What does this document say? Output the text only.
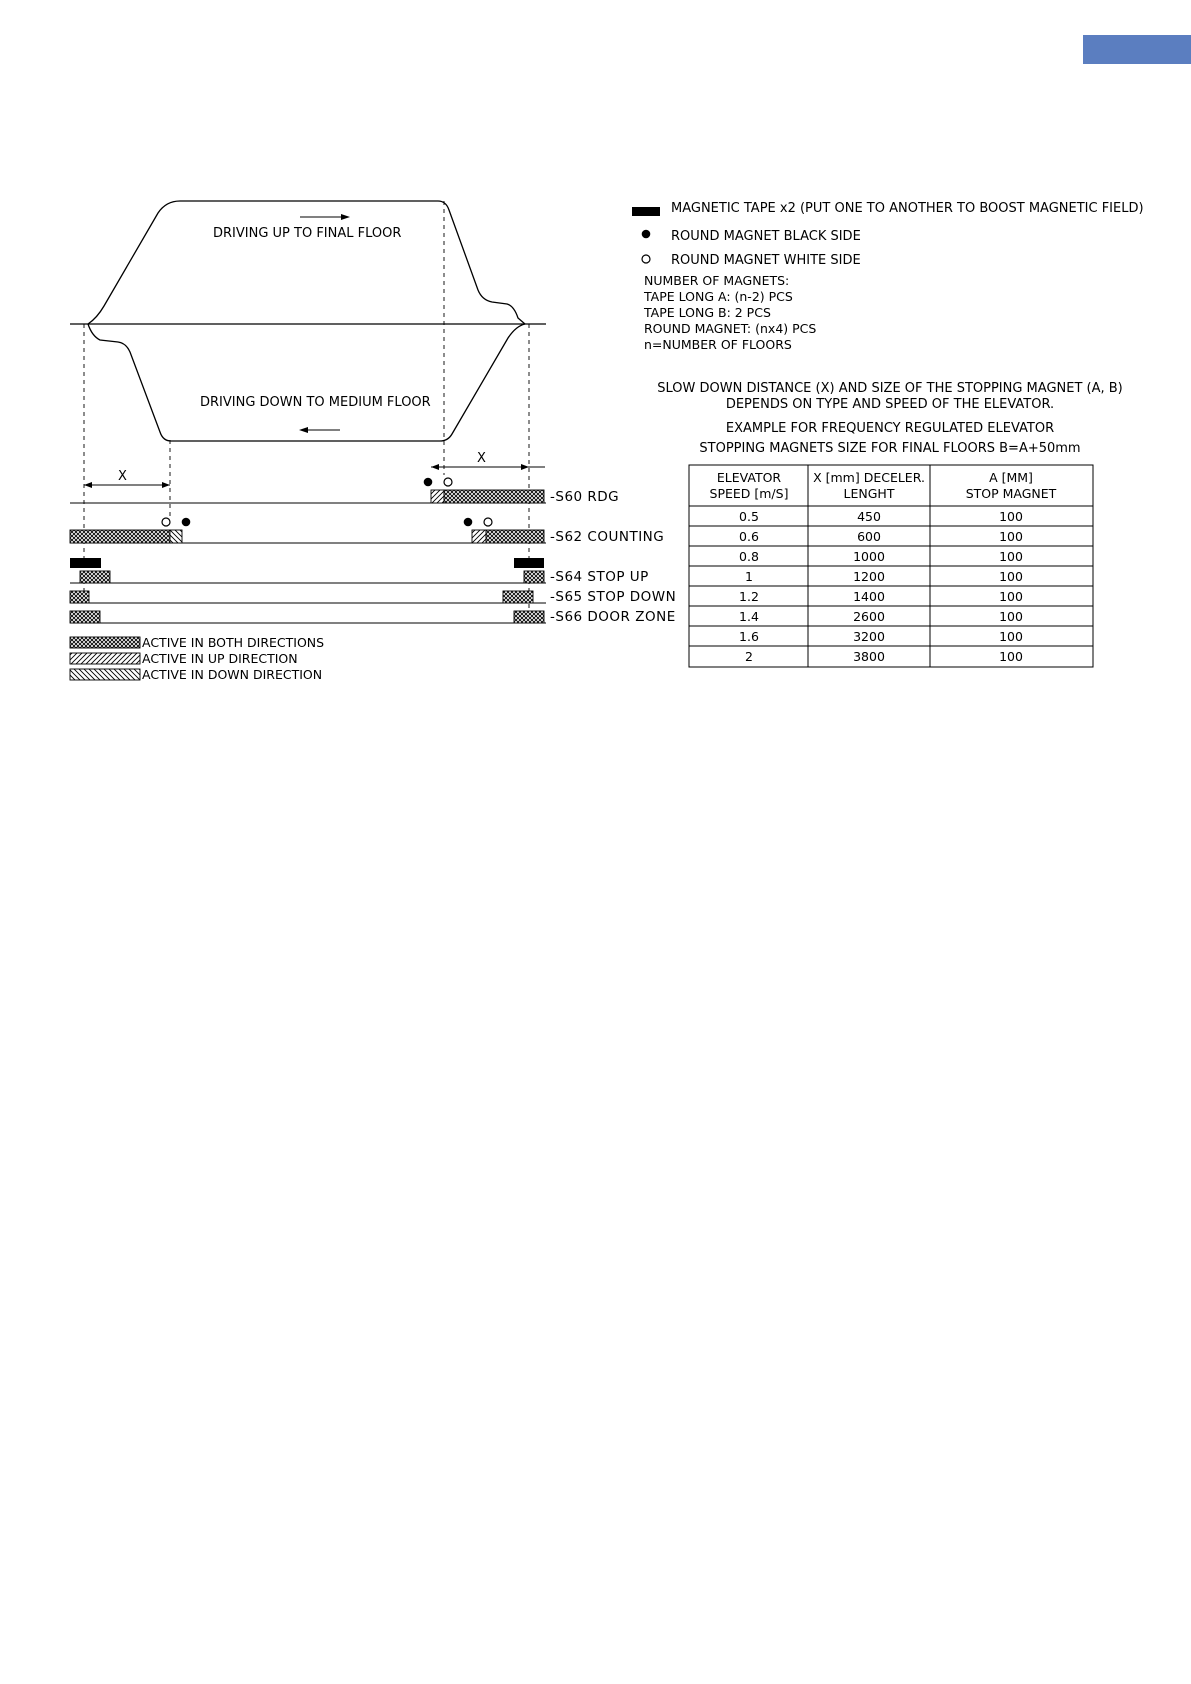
DRIVING UP TO FINAL FLOOR
DRIVING DOWN TO MEDIUM FLOOR
X
X
-S60 RDG
-S62 COUNTING
-S64 STOP UP
-S65 STOP DOWN
-S66 DOOR ZONE
ACTIVE IN BOTH DIRECTIONS
ACTIVE IN UP DIRECTION
ACTIVE IN DOWN DIRECTION
MAGNETIC TAPE x2 (PUT ONE TO ANOTHER TO BOOST MAGNETIC FIELD)
ROUND MAGNET BLACK SIDE
ROUND MAGNET WHITE SIDE
NUMBER OF MAGNETS:
TAPE LONG A: (n-2) PCS
TAPE LONG B: 2 PCS
ROUND MAGNET: (nx4) PCS
n=NUMBER OF FLOORS
SLOW DOWN DISTANCE (X) AND SIZE OF THE STOPPING MAGNET (A, B)
DEPENDS ON TYPE AND SPEED OF THE ELEVATOR.
EXAMPLE FOR FREQUENCY REGULATED ELEVATOR
STOPPING MAGNETS SIZE FOR FINAL FLOORS B=A+50mm
ELEVATOR
SPEED [m/S]
X [mm] DECELER.
LENGHT
A [MM]
STOP MAGNET
0.5	450	100
0.6	600	100
0.8	1000	100
1	1200	100
1.2	1400	100
1.4	2600	100
1.6	3200	100
2	3800	100
